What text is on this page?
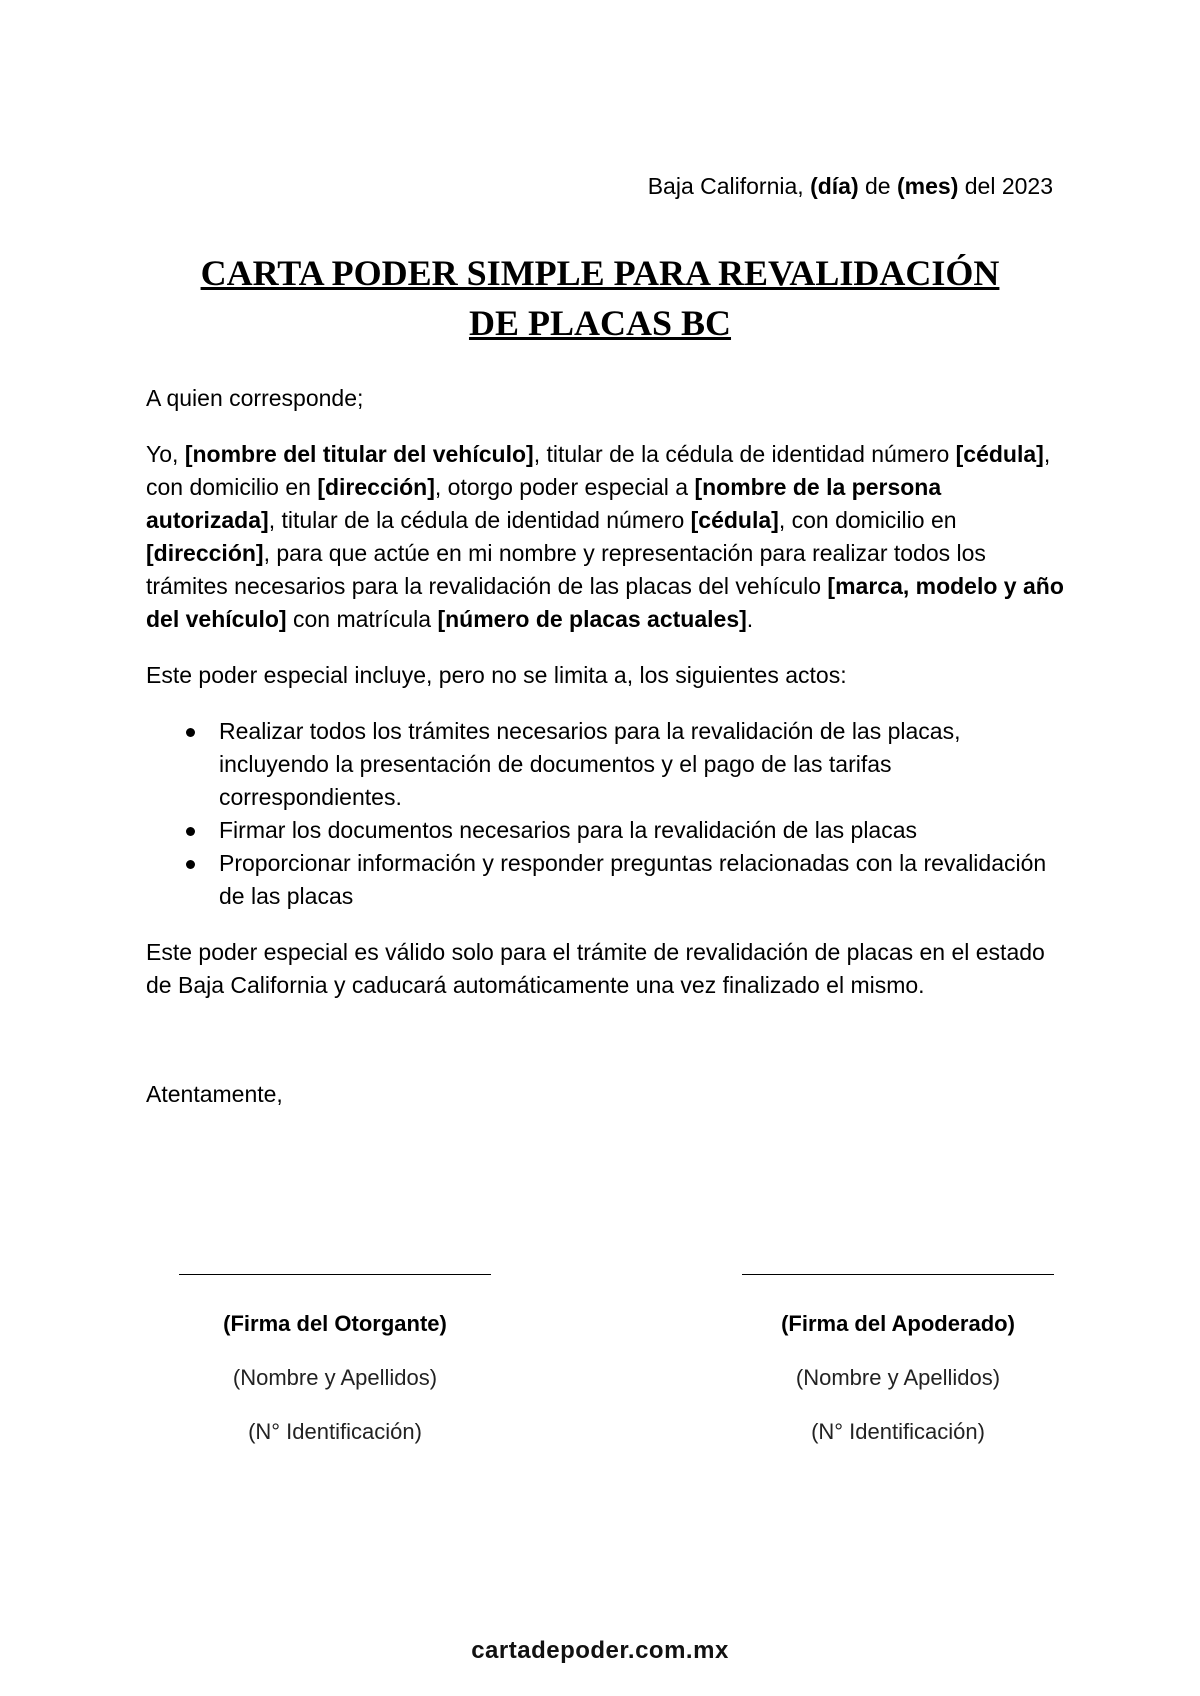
Baja California, (día) de (mes) del 2023

CARTA PODER SIMPLE PARA REVALIDACIÓN
DE PLACAS BC

A quien corresponde;

Yo, [nombre del titular del vehículo], titular de la cédula de identidad número [cédula], con domicilio en [dirección], otorgo poder especial a [nombre de la persona autorizada], titular de la cédula de identidad número [cédula], con domicilio en [dirección], para que actúe en mi nombre y representación para realizar todos los trámites necesarios para la revalidación de las placas del vehículo [marca, modelo y año del vehículo] con matrícula [número de placas actuales].

Este poder especial incluye, pero no se limita a, los siguientes actos:

Realizar todos los trámites necesarios para la revalidación de las placas, incluyendo la presentación de documentos y el pago de las tarifas correspondientes.
Firmar los documentos necesarios para la revalidación de las placas
Proporcionar información y responder preguntas relacionadas con la revalidación de las placas

Este poder especial es válido solo para el trámite de revalidación de placas en el estado de Baja California y caducará automáticamente una vez finalizado el mismo.

Atentamente,

(Firma del Otorgante)
(Nombre y Apellidos)
(N° Identificación)
(Firma del Apoderado)
(Nombre y Apellidos)
(N° Identificación)
cartadepoder.com.mx
